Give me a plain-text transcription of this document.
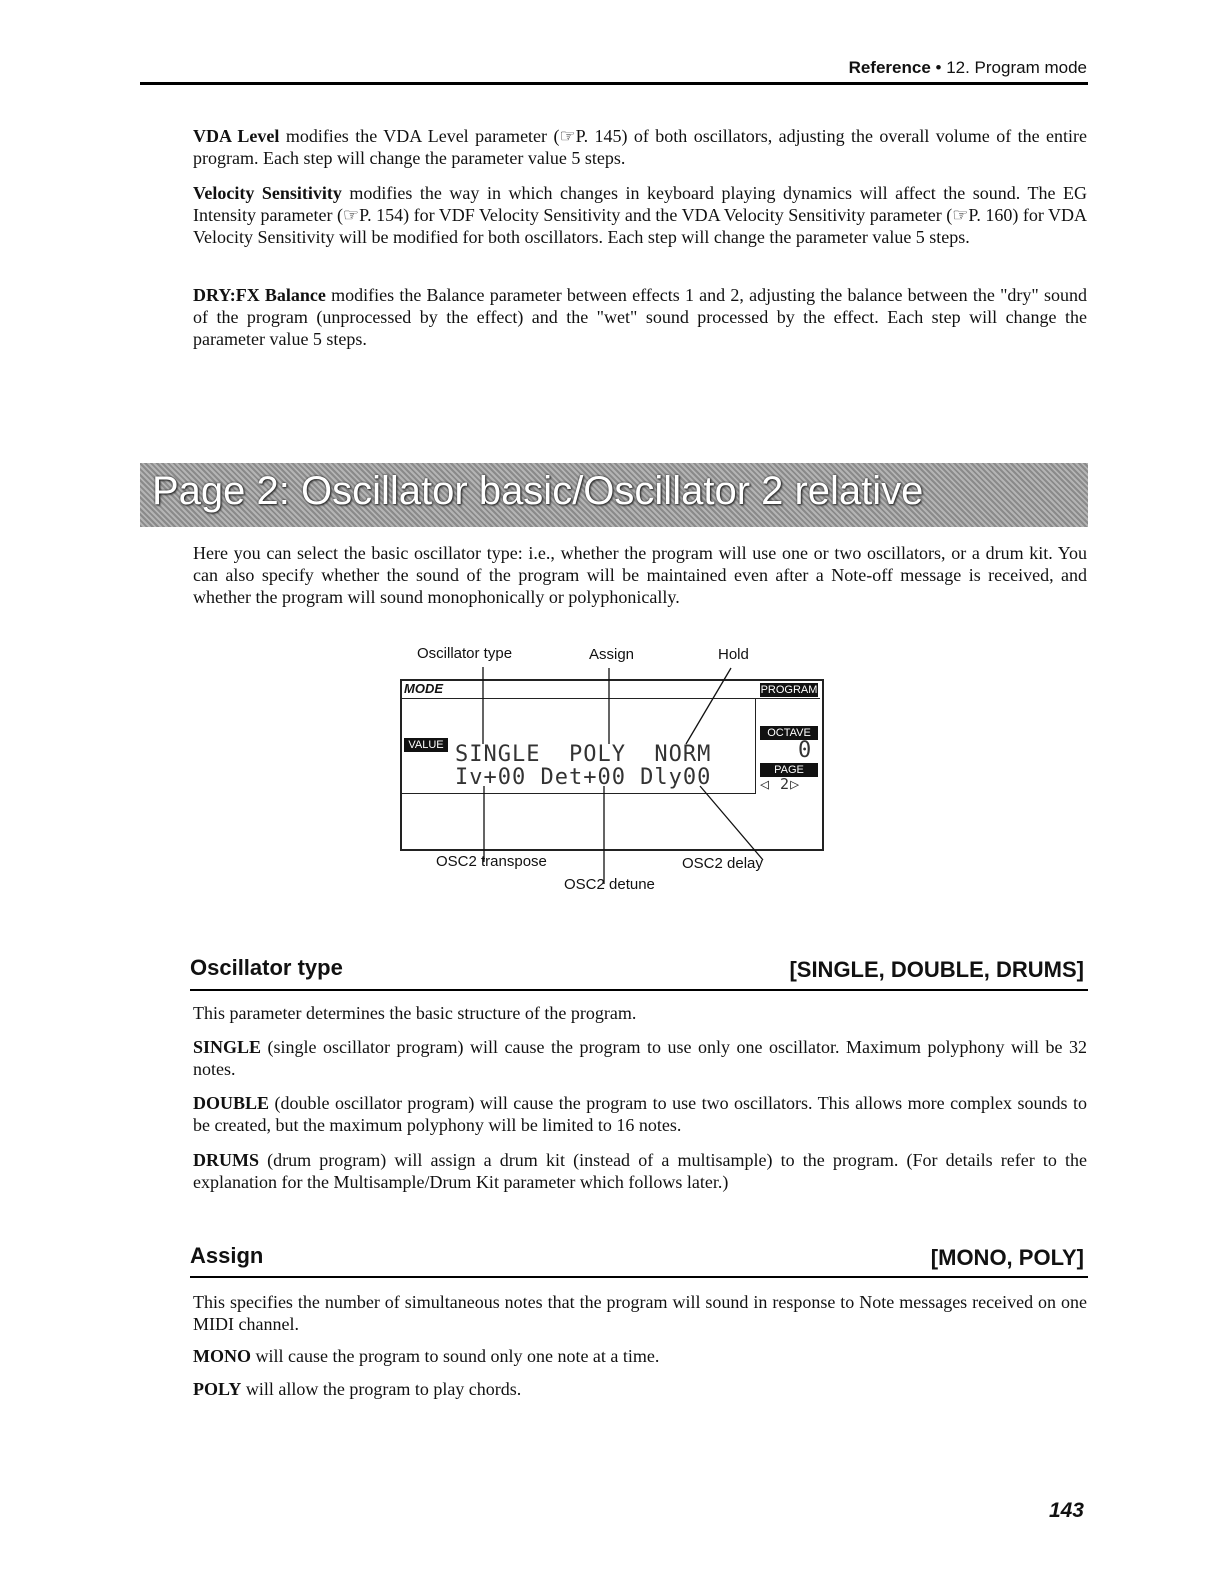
Reference • 12. Program mode
VDA Level modifies the VDA Level parameter (☞P. 145) of both oscillators, adjusting the overall volume of the entire program. Each step will change the parameter value 5 steps.
Velocity Sensitivity modifies the way in which changes in keyboard playing dynamics will affect the sound. The EG Intensity parameter (☞P. 154) for VDF Velocity Sensitivity and the VDA Velocity Sensitivity parameter (☞P. 160) for VDA Velocity Sensitivity will be modified for both oscillators. Each step will change the parameter value 5 steps.
DRY:FX Balance modifies the Balance parameter between effects 1 and 2, adjusting the balance between the "dry" sound of the program (unprocessed by the effect) and the "wet" sound processed by the effect. Each step will change the parameter value 5 steps.
Page 2: Oscillator basic/Oscillator 2 relative
Here you can select the basic oscillator type: i.e., whether the program will use one or two oscillators, or a drum kit. You can also specify whether the sound of the program will be maintained even after a Note-off message is received, and whether the program will sound monophonically or polyphonically.
Oscillator type	Assign	Hold
MODE	PROGRAM
OCTAVE
0
PAGE
◁ 2▷
VALUE SINGLE  POLY  NORM
Iv+00 Det+00 Dly00
OSC2 transpose
OSC2 detune
OSC2 delay
Oscillator type	[SINGLE, DOUBLE, DRUMS]
This parameter determines the basic structure of the program.
SINGLE (single oscillator program) will cause the program to use only one oscillator. Maximum polyphony will be 32 notes.
DOUBLE (double oscillator program) will cause the program to use two oscillators. This allows more complex sounds to be created, but the maximum polyphony will be limited to 16 notes.
DRUMS (drum program) will assign a drum kit (instead of a multisample) to the program. (For details refer to the explanation for the Multisample/Drum Kit parameter which follows later.)
Assign	[MONO, POLY]
This specifies the number of simultaneous notes that the program will sound in response to Note messages received on one MIDI channel.
MONO will cause the program to sound only one note at a time.
POLY will allow the program to play chords.
143
